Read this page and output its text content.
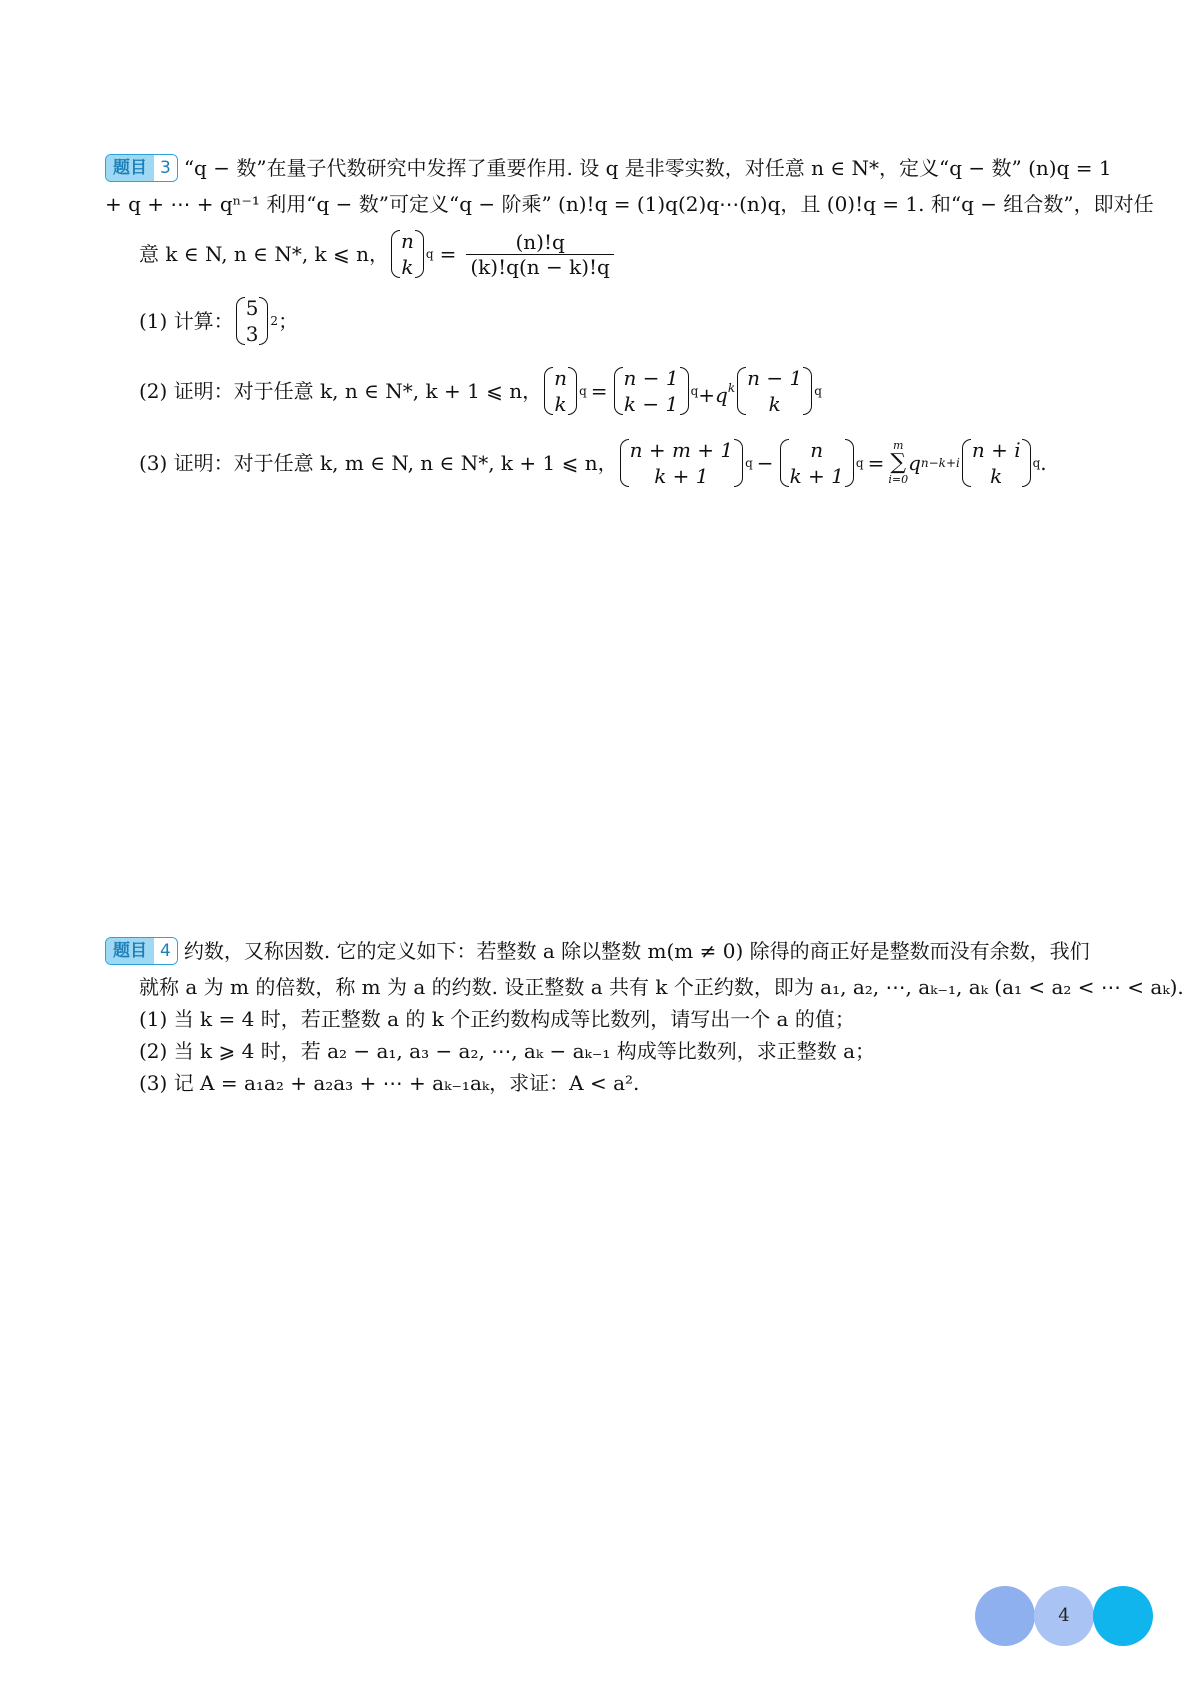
题目 3 “q − 数”在量子代数研究中发挥了重要作用. 设 q 是非零实数，对任意 n ∈ N*，定义“q − 数” (n)q = 1
+ q + ⋯ + qⁿ⁻¹ 利用“q − 数”可定义“q − 阶乘” (n)!q = (1)q(2)q⋯(n)q，且 (0)!q = 1. 和“q − 组合数”，即对任
意 k ∈ N, n ∈ N*, k ⩽ n，
n
k
$q = \frac{(n)!q}{(k)!q(n - k)!q}$
(1) 计算：
5
3
2 ；
(2) 证明：对于任意 k, n ∈ N*, k + 1 ⩽ n，
n
k
q =
n − 1
k − 1
$q +q^k$ n − 1
k
q
(3) 证明：对于任意 k, m ∈ N, n ∈ N*, k + 1 ⩽ n，
n + m + 1
k + 1
q −
n
k + 1
q =
m
∑
i=0
q n−k+i
n + i
k
q .
题目 4 约数，又称因数. 它的定义如下：若整数 a 除以整数 m(m ≠ 0) 除得的商正好是整数而没有余数，我们
就称 a 为 m 的倍数，称 m 为 a 的约数. 设正整数 a 共有 k 个正约数，即为 a₁, a₂, ⋯, aₖ₋₁, aₖ (a₁ < a₂ < ⋯ < aₖ).
(1) 当 k = 4 时，若正整数 a 的 k 个正约数构成等比数列，请写出一个 a 的值；
(2) 当 k ⩾ 4 时，若 a₂ − a₁, a₃ − a₂, ⋯, aₖ − aₖ₋₁ 构成等比数列，求正整数 a；
(3) 记 A = a₁a₂ + a₂a₃ + ⋯ + aₖ₋₁aₖ，求证：A < a².
4
